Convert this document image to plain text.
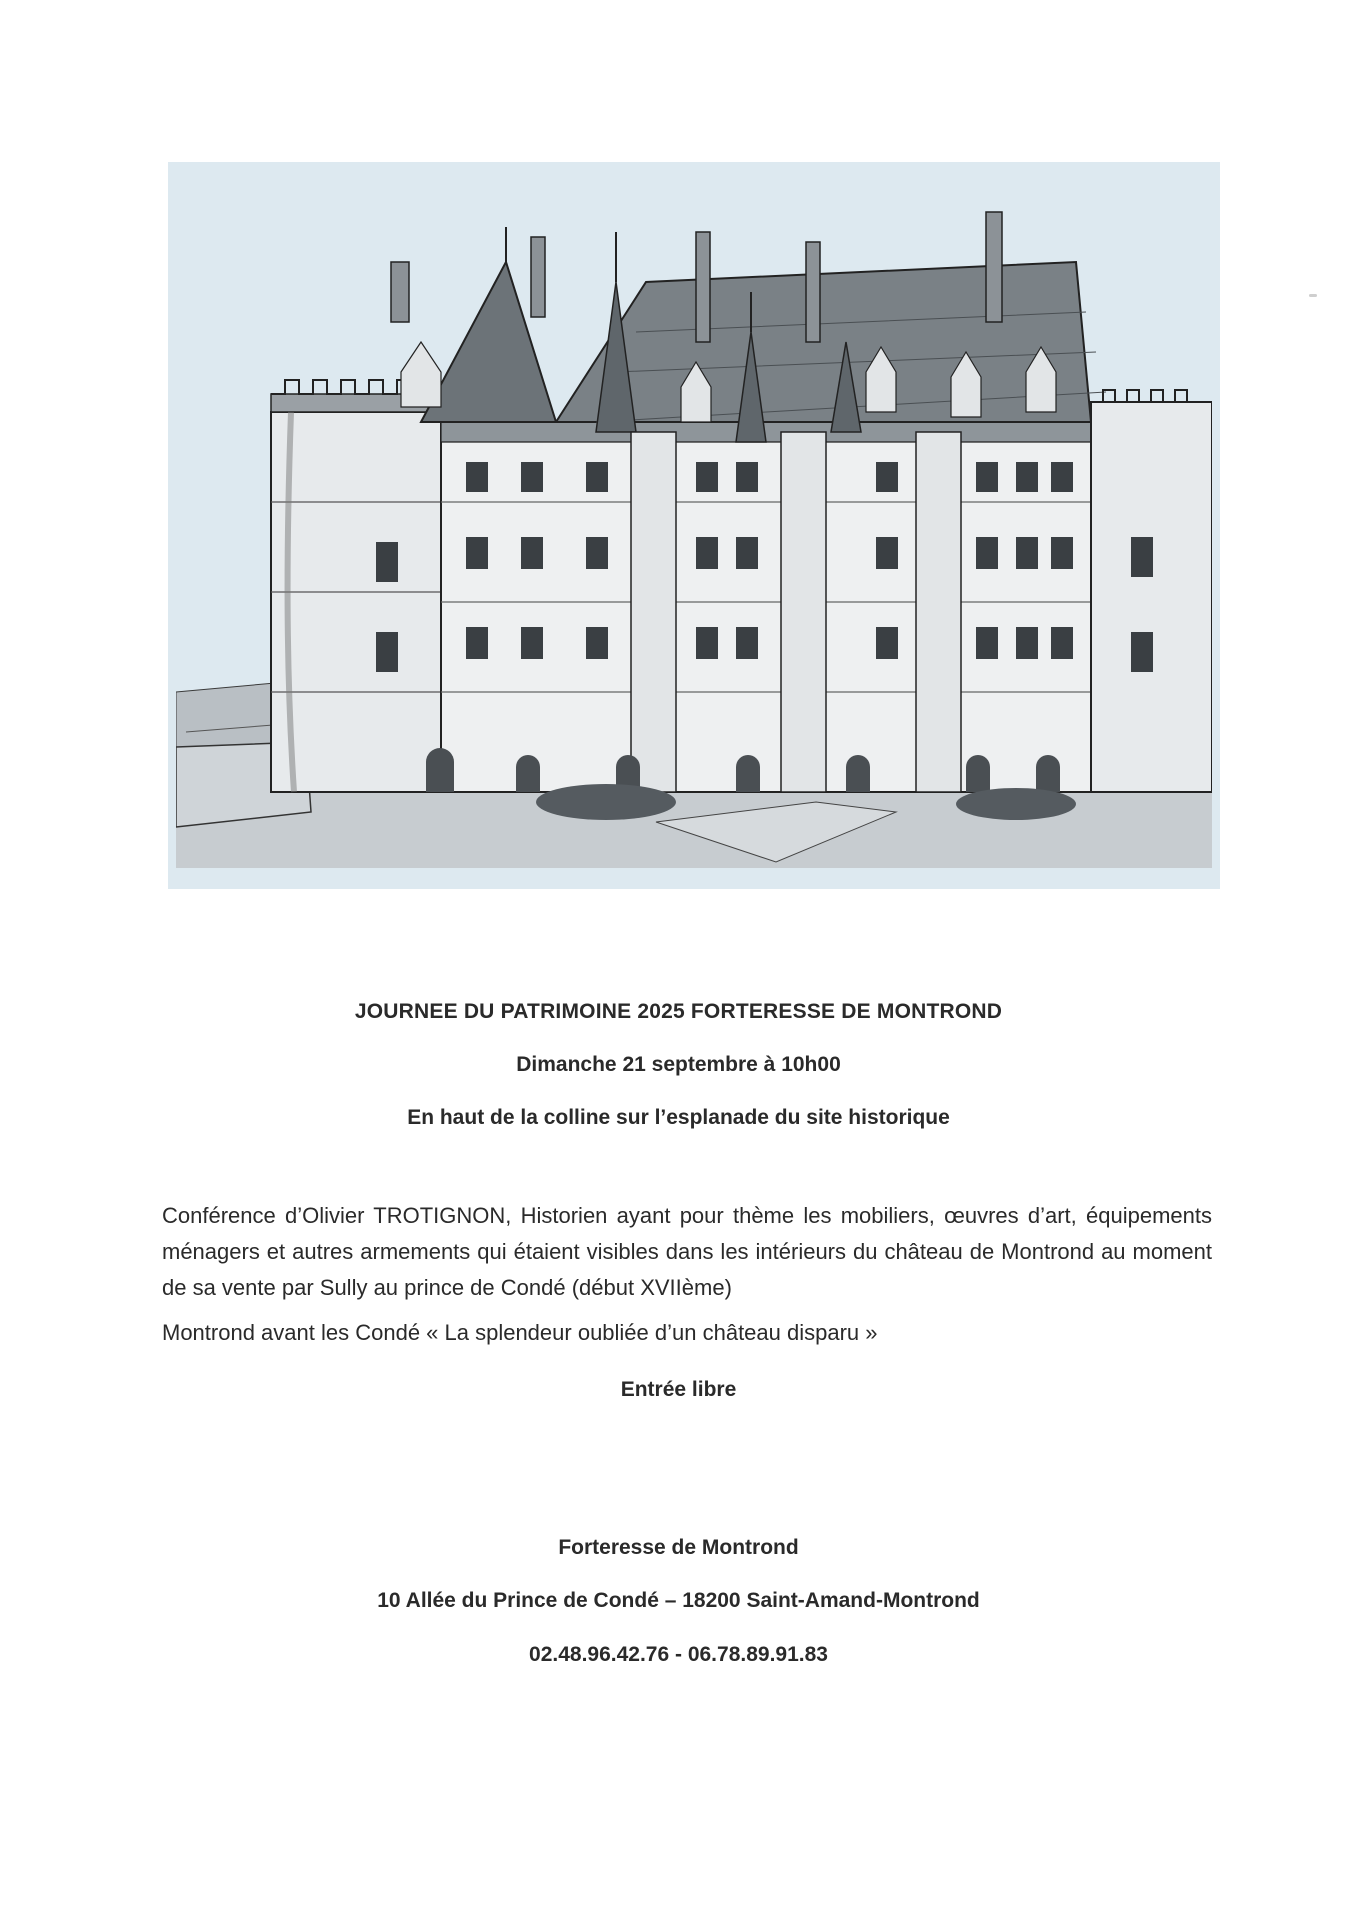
JOURNEE DU PATRIMOINE 2025 FORTERESSE DE MONTROND
Dimanche 21 septembre à 10h00
En haut de la colline sur l’esplanade du site historique
Conférence d’Olivier TROTIGNON, Historien ayant pour thème les mobiliers, œuvres d’art, équipements ménagers et autres armements qui étaient visibles dans les intérieurs du château de Montrond au moment de sa vente par Sully au prince de Condé (début XVIIème)
Montrond avant les Condé « La splendeur oubliée d’un château disparu »
Entrée libre
Forteresse de Montrond
10 Allée du Prince de Condé – 18200 Saint-Amand-Montrond
02.48.96.42.76 - 06.78.89.91.83
